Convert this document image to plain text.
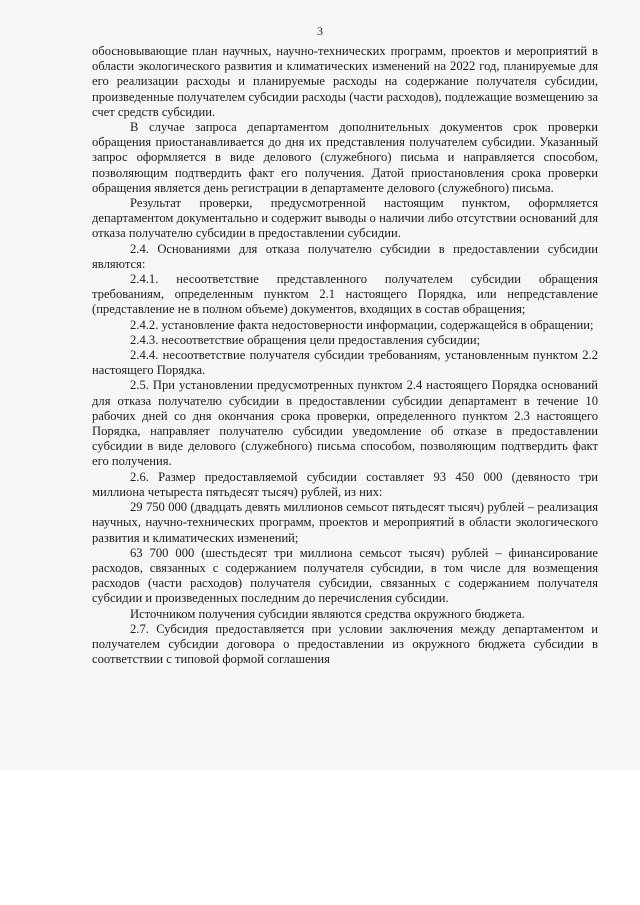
3

обосновывающие план научных, научно-технических программ, проектов и мероприятий в области экологического развития и климатических изменений на 2022 год, планируемые для его реализации расходы и планируемые расходы на содержание получателя субсидии, произведенные получателем субсидии расходы (части расходов), подлежащие возмещению за счет средств субсидии.

В случае запроса департаментом дополнительных документов срок проверки обращения приостанавливается до дня их представления получателем субсидии. Указанный запрос оформляется в виде делового (служебного) письма и направляется способом, позволяющим подтвердить факт его получения. Датой приостановления срока проверки обращения является день регистрации в департаменте делового (служебного) письма.

Результат проверки, предусмотренной настоящим пунктом, оформляется департаментом документально и содержит выводы о наличии либо отсутствии оснований для отказа получателю субсидии в предоставлении субсидии.

2.4. Основаниями для отказа получателю субсидии в предоставлении субсидии являются:

2.4.1. несоответствие представленного получателем субсидии обращения требованиям, определенным пунктом 2.1 настоящего Порядка, или непредставление (представление не в полном объеме) документов, входящих в состав обращения;

2.4.2. установление факта недостоверности информации, содержащейся в обращении;

2.4.3. несоответствие обращения цели предоставления субсидии;

2.4.4. несоответствие получателя субсидии требованиям, установленным пунктом 2.2 настоящего Порядка.

2.5. При установлении предусмотренных пунктом 2.4 настоящего Порядка оснований для отказа получателю субсидии в предоставлении субсидии департамент в течение 10 рабочих дней со дня окончания срока проверки, определенного пунктом 2.3 настоящего Порядка, направляет получателю субсидии уведомление об отказе в предоставлении субсидии в виде делового (служебного) письма способом, позволяющим подтвердить факт его получения.

2.6. Размер предоставляемой субсидии составляет 93 450 000 (девяносто три миллиона четыреста пятьдесят тысяч) рублей, из них:

29 750 000 (двадцать девять миллионов семьсот пятьдесят тысяч) рублей – реализация научных, научно-технических программ, проектов и мероприятий в области экологического развития и климатических изменений;

63 700 000 (шестьдесят три миллиона семьсот тысяч) рублей – финансирование расходов, связанных с содержанием получателя субсидии, в том числе для возмещения расходов (части расходов) получателя субсидии, связанных с содержанием получателя субсидии и произведенных последним до перечисления субсидии.

Источником получения субсидии являются средства окружного бюджета.

2.7. Субсидия предоставляется при условии заключения между департаментом и получателем субсидии договора о предоставлении из окружного бюджета субсидии в соответствии с типовой формой соглашения
